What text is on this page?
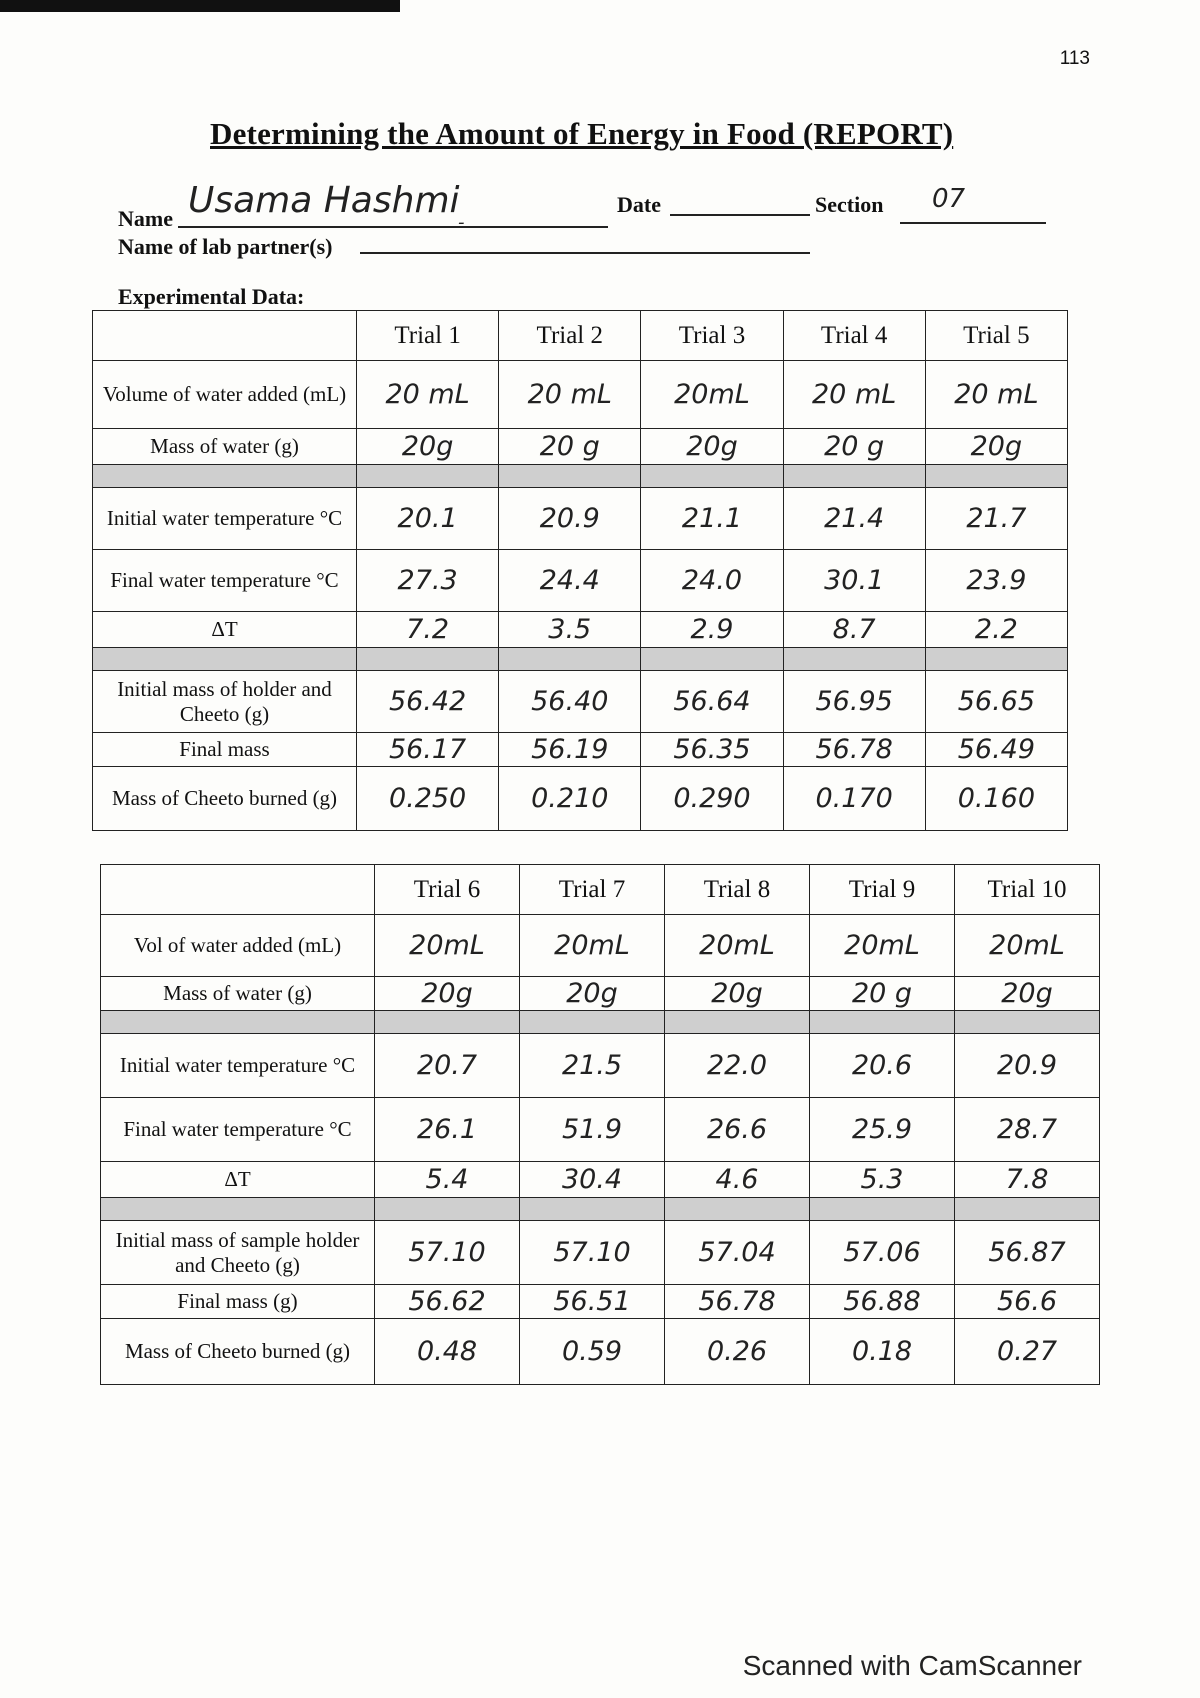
113
Determining the Amount of Energy in Food (REPORT)
Name Usama Hashmi	Date	Section 07
Name of lab partner(s)
-
Experimental Data:
	Trial 1	Trial 2	Trial 3	Trial 4	Trial 5
Volume of water added (mL)	20 mL	20 mL	20mL	20 mL	20 mL
Mass of water (g)	20g	20 g	20g	20 g	20g

Initial water temperature °C	20.1	20.9	21.1	21.4	21.7
Final water temperature °C	27.3	24.4	24.0	30.1	23.9
ΔT	7.2	3.5	2.9	8.7	2.2

Initial mass of holder and Cheeto (g)	56.42	56.40	56.64	56.95	56.65
Final mass	56.17	56.19	56.35	56.78	56.49
Mass of Cheeto burned (g)	0.250	0.210	0.290	0.170	0.160
	Trial 6	Trial 7	Trial 8	Trial 9	Trial 10
Vol of water added (mL)	20mL	20mL	20mL	20mL	20mL
Mass of water (g)	20g	20g	20g	20 g	20g

Initial water temperature °C	20.7	21.5	22.0	20.6	20.9
Final water temperature °C	26.1	51.9	26.6	25.9	28.7
ΔT	5.4	30.4	4.6	5.3	7.8

Initial mass of sample holder and Cheeto (g)	57.10	57.10	57.04	57.06	56.87
Final mass (g)	56.62	56.51	56.78	56.88	56.6
Mass of Cheeto burned (g)	0.48	0.59	0.26	0.18	0.27
Scanned with CamScanner
